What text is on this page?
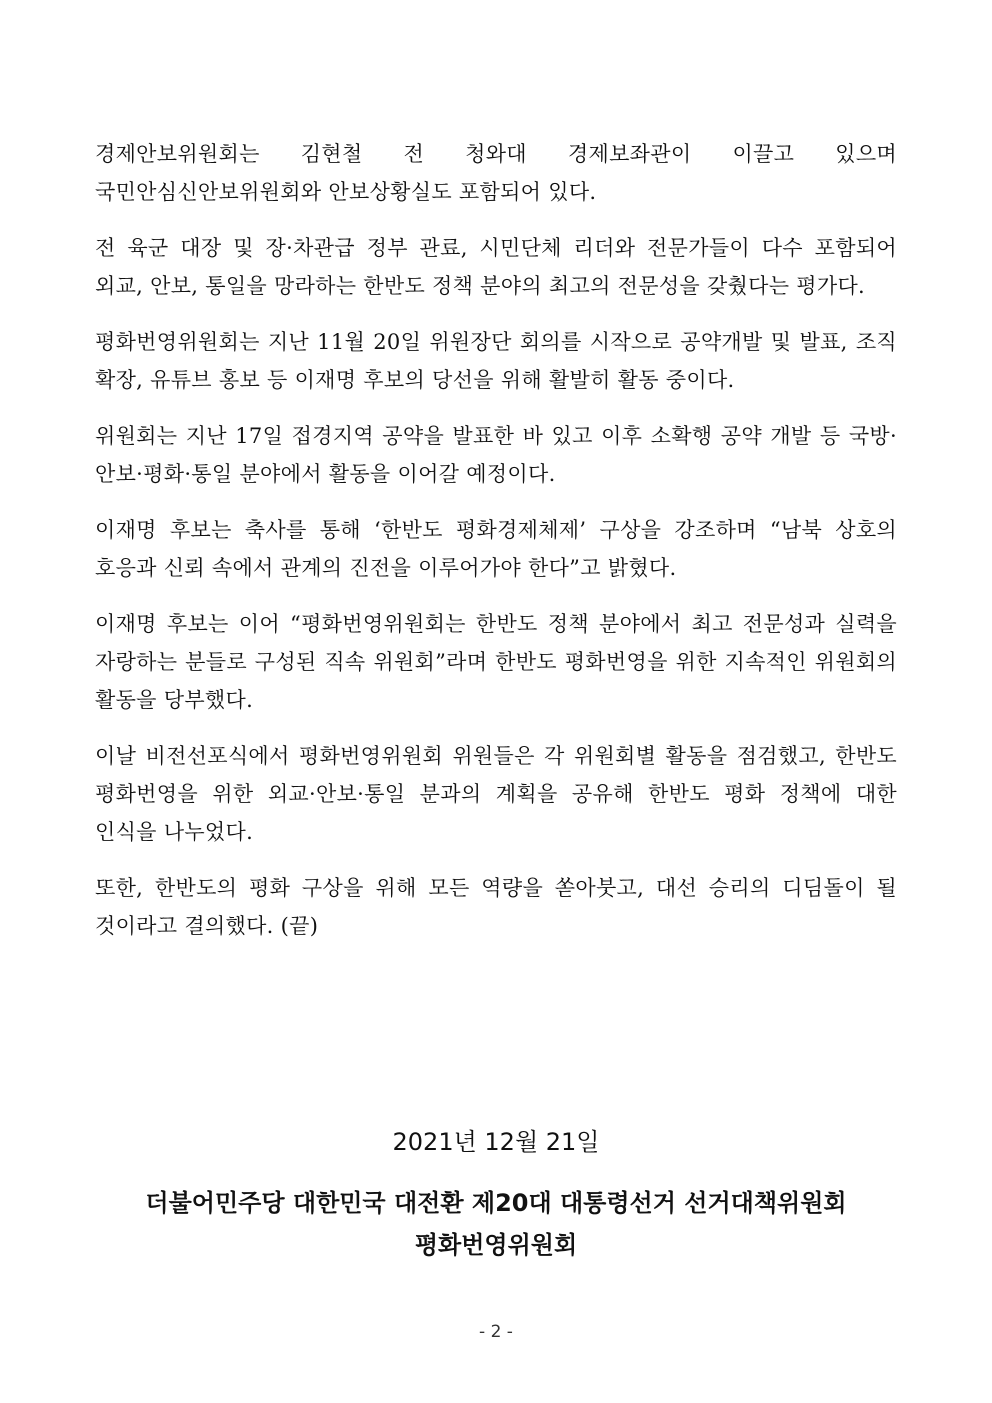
경제안보위원회는 김현철 전 청와대 경제보좌관이 이끌고 있으며 국민안심신안보위원회와 안보상황실도 포함되어 있다.

전 육군 대장 및 장·차관급 정부 관료, 시민단체 리더와 전문가들이 다수 포함되어 외교, 안보, 통일을 망라하는 한반도 정책 분야의 최고의 전문성을 갖췄다는 평가다.

평화번영위원회는 지난 11월 20일 위원장단 회의를 시작으로 공약개발 및 발표, 조직 확장, 유튜브 홍보 등 이재명 후보의 당선을 위해 활발히 활동 중이다.

위원회는 지난 17일 접경지역 공약을 발표한 바 있고 이후 소확행 공약 개발 등 국방·안보·평화·통일 분야에서 활동을 이어갈 예정이다.

이재명 후보는 축사를 통해 ‘한반도 평화경제체제’ 구상을 강조하며 “남북 상호의 호응과 신뢰 속에서 관계의 진전을 이루어가야 한다”고 밝혔다.

이재명 후보는 이어 “평화번영위원회는 한반도 정책 분야에서 최고 전문성과 실력을 자랑하는 분들로 구성된 직속 위원회”라며 한반도 평화번영을 위한 지속적인 위원회의 활동을 당부했다.

이날 비전선포식에서 평화번영위원회 위원들은 각 위원회별 활동을 점검했고, 한반도 평화번영을 위한 외교·안보·통일 분과의 계획을 공유해 한반도 평화 정책에 대한 인식을 나누었다.

또한, 한반도의 평화 구상을 위해 모든 역량을 쏟아붓고, 대선 승리의 디딤돌이 될 것이라고 결의했다. (끝)

2021년 12월 21일

더불어민주당 대한민국 대전환 제20대 대통령선거 선거대책위원회

평화번영위원회

- 2 -
